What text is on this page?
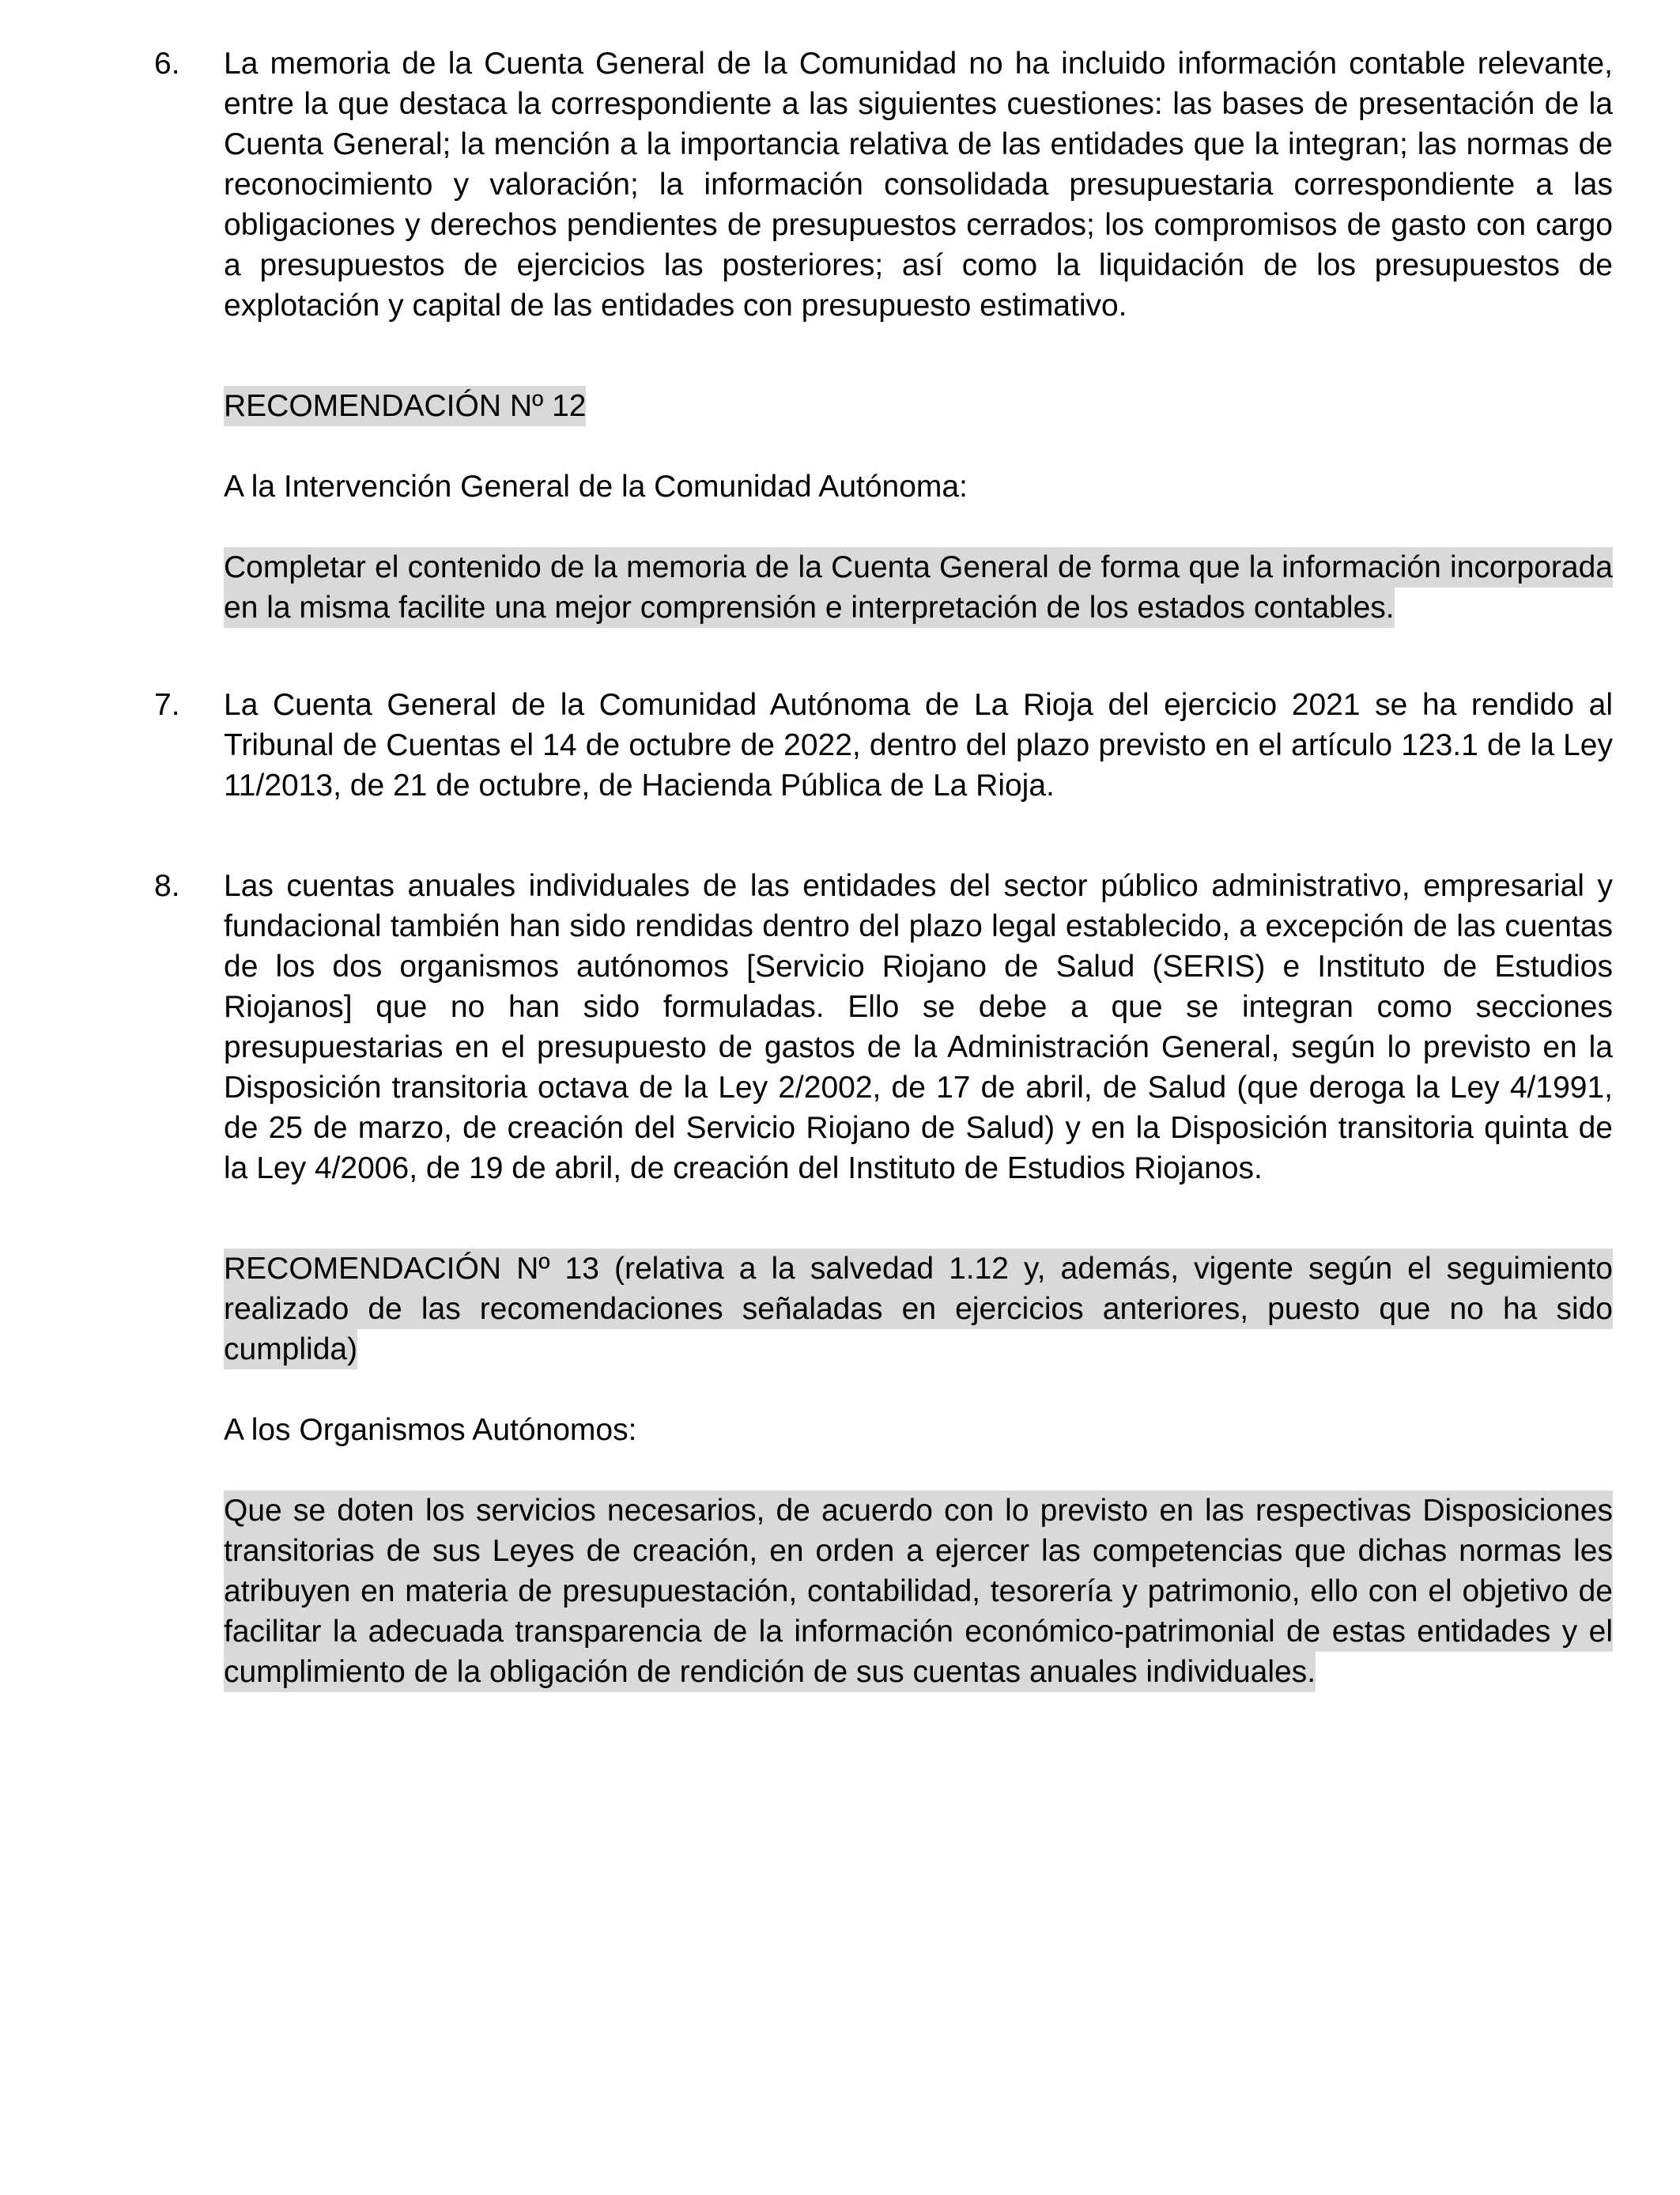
6.	La memoria de la Cuenta General de la Comunidad no ha incluido información contable relevante, entre la que destaca la correspondiente a las siguientes cuestiones: las bases de presentación de la Cuenta General; la mención a la importancia relativa de las entidades que la integran; las normas de reconocimiento y valoración; la información consolidada presupuestaria correspondiente a las obligaciones y derechos pendientes de presupuestos cerrados; los compromisos de gasto con cargo a presupuestos de ejercicios las posteriores; así como la liquidación de los presupuestos de explotación y capital de las entidades con presupuesto estimativo.

RECOMENDACIÓN Nº 12

A la Intervención General de la Comunidad Autónoma:

Completar el contenido de la memoria de la Cuenta General de forma que la información incorporada en la misma facilite una mejor comprensión e interpretación de los estados contables.

7.	La Cuenta General de la Comunidad Autónoma de La Rioja del ejercicio 2021 se ha rendido al Tribunal de Cuentas el 14 de octubre de 2022, dentro del plazo previsto en el artículo 123.1 de la Ley 11/2013, de 21 de octubre, de Hacienda Pública de La Rioja.
8.	Las cuentas anuales individuales de las entidades del sector público administrativo, empresarial y fundacional también han sido rendidas dentro del plazo legal establecido, a excepción de las cuentas de los dos organismos autónomos [Servicio Riojano de Salud (SERIS) e Instituto de Estudios Riojanos] que no han sido formuladas. Ello se debe a que se integran como secciones presupuestarias en el presupuesto de gastos de la Administración General, según lo previsto en la Disposición transitoria octava de la Ley 2/2002, de 17 de abril, de Salud (que deroga la Ley 4/1991, de 25 de marzo, de creación del Servicio Riojano de Salud) y en la Disposición transitoria quinta de la Ley 4/2006, de 19 de abril, de creación del Instituto de Estudios Riojanos.

RECOMENDACIÓN Nº 13 (relativa a la salvedad 1.12 y, además, vigente según el seguimiento realizado de las recomendaciones señaladas en ejercicios anteriores, puesto que no ha sido cumplida)

A los Organismos Autónomos:

Que se doten los servicios necesarios, de acuerdo con lo previsto en las respectivas Disposiciones transitorias de sus Leyes de creación, en orden a ejercer las competencias que dichas normas les atribuyen en materia de presupuestación, contabilidad, tesorería y patrimonio, ello con el objetivo de facilitar la adecuada transparencia de la información económico-patrimonial de estas entidades y el cumplimiento de la obligación de rendición de sus cuentas anuales individuales.
